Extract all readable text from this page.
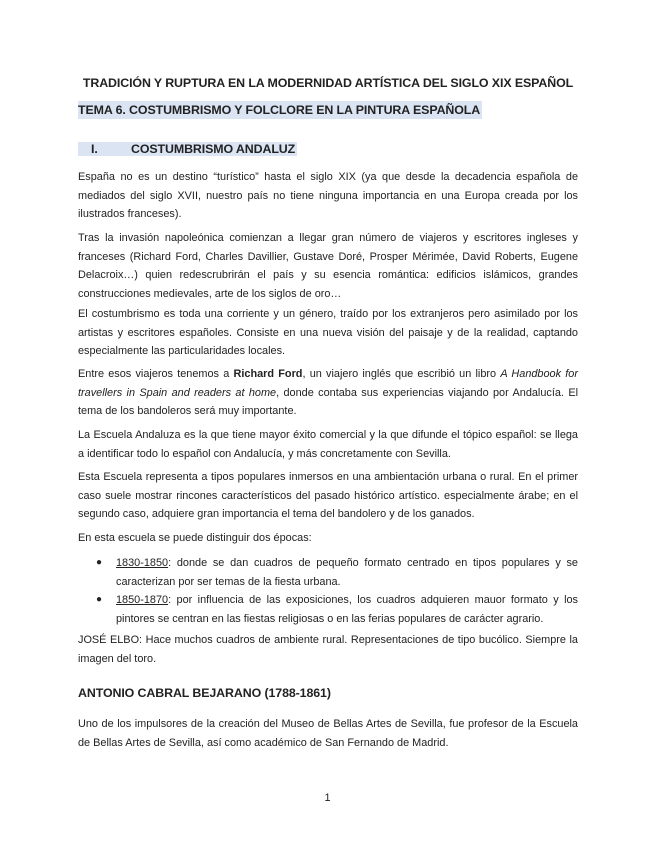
TRADICIÓN Y RUPTURA EN LA MODERNIDAD ARTÍSTICA DEL SIGLO XIX ESPAÑOL
TEMA 6. COSTUMBRISMO Y FOLCLORE EN LA PINTURA ESPAÑOLA
I.	COSTUMBRISMO ANDALUZ

España no es un destino “turístico” hasta el siglo XIX (ya que desde la decadencia española de mediados del siglo XVII, nuestro país no tiene ninguna importancia en una Europa creada por los ilustrados franceses).

Tras la invasión napoleónica comienzan a llegar gran número de viajeros y escritores ingleses y franceses (Richard Ford, Charles Davillier, Gustave Doré, Prosper Mérimée, David Roberts, Eugene Delacroix…) quien redescrubrirán el país y su esencia romántica: edificios islámicos, grandes construcciones medievales, arte de los siglos de oro…

El costumbrismo es toda una corriente y un género, traído por los extranjeros pero asimilado por los artistas y escritores españoles. Consiste en una nueva visión del paisaje y de la realidad, captando especialmente las particularidades locales.

Entre esos viajeros tenemos a Richard Ford, un viajero inglés que escribió un libro A Handbook for travellers in Spain and readers at home, donde contaba sus experiencias viajando por Andalucía. El tema de los bandoleros será muy importante.

La Escuela Andaluza es la que tiene mayor éxito comercial y la que difunde el tópico español: se llega a identificar todo lo español con Andalucía, y más concretamente con Sevilla.

Esta Escuela representa a tipos populares inmersos en una ambientación urbana o rural. En el primer caso suele mostrar rincones característicos del pasado histórico artístico. especialmente árabe; en el segundo caso, adquiere gran importancia el tema del bandolero y de los ganados.

En esta escuela se puede distinguir dos épocas:

● 1830-1850: donde se dan cuadros de pequeño formato centrado en tipos populares y se caracterizan por ser temas de la fiesta urbana.
● 1850-1870: por influencia de las exposiciones, los cuadros adquieren mauor formato y los pintores se centran en las fiestas religiosas o en las ferias populares de carácter agrario.

JOSÉ ELBO: Hace muchos cuadros de ambiente rural. Representaciones de tipo bucólico. Siempre la imagen del toro.

ANTONIO CABRAL BEJARANO (1788-1861)

Uno de los impulsores de la creación del Museo de Bellas Artes de Sevilla, fue profesor de la Escuela de Bellas Artes de Sevilla, así como académico de San Fernando de Madrid.

1
